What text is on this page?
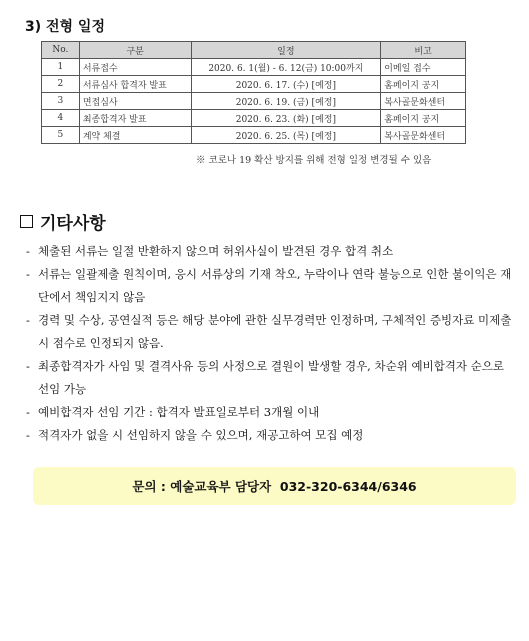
3) 전형 일정
No.	구분	일정	비고
1	서류접수	2020. 6. 1(월) - 6. 12(금) 10:00까지	이메일 접수
2	서류심사 합격자 발표	2020. 6. 17. (수) [예정]	홈페이지 공지
3	면접심사	2020. 6. 19. (금) [예정]	복사골문화센터
4	최종합격자 발표	2020. 6. 23. (화) [예정]	홈페이지 공지
5	계약 체결	2020. 6. 25. (목) [예정]	복사골문화센터
※ 코로나 19 확산 방지를 위해 전형 일정 변경될 수 있음
기타사항
- 체출된 서류는 일절 반환하지 않으며 허위사실이 발견된 경우 합격 취소
- 서류는 일괄제출 원칙이며, 응시 서류상의 기재 착오, 누락이나 연락 불능으로 인한 불이익은 재단에서 책임지지 않음
- 경력 및 수상, 공연실적 등은 해당 분야에 관한 실무경력만 인정하며, 구체적인 증빙자료 미제출 시 점수로 인정되지 않음.
- 최종합격자가 사임 및 결격사유 등의 사정으로 결원이 발생할 경우, 차순위 예비합격자 순으로 선임 가능
- 예비합격자 선임 기간 : 합격자 발표일로부터 3개월 이내
- 적격자가 없을 시 선임하지 않을 수 있으며, 재공고하여 모집 예정
문의 : 예술교육부 담당자  032-320-6344/6346
